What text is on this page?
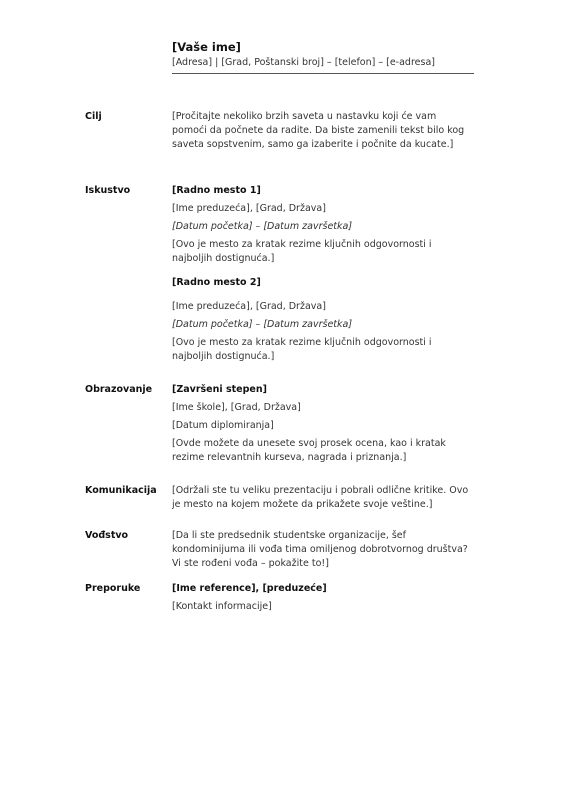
[Vaše ime]
[Adresa] | [Grad, Poštanski broj] – [telefon] – [e-adresa]
Cilj	[Pročitajte nekoliko brzih saveta u nastavku koji će vam pomoći da počnete da radite. Da biste zamenili tekst bilo kog saveta sopstvenim, samo ga izaberite i počnite da kucate.]

Iskustvo	[Radno mesto 1]

[Ime preduzeća], [Grad, Država]

[Datum početka] – [Datum završetka]

[Ovo je mesto za kratak rezime ključnih odgovornosti i najboljih dostignuća.]

[Radno mesto 2]

[Ime preduzeća], [Grad, Država]

[Datum početka] – [Datum završetka]

[Ovo je mesto za kratak rezime ključnih odgovornosti i najboljih dostignuća.]

Obrazovanje	[Završeni stepen]

[Ime škole], [Grad, Država]

[Datum diplomiranja]

[Ovde možete da unesete svoj prosek ocena, kao i kratak rezime relevantnih kurseva, nagrada i priznanja.]

Komunikacija	[Održali ste tu veliku prezentaciju i pobrali odlične kritike. Ovo je mesto na kojem možete da prikažete svoje veštine.]

Vođstvo	[Da li ste predsednik studentske organizacije, šef kondominijuma ili vođa tima omiljenog dobrotvornog društva? Vi ste rođeni vođa – pokažite to!]

Preporuke	[Ime reference], [preduzeće]

[Kontakt informacije]
